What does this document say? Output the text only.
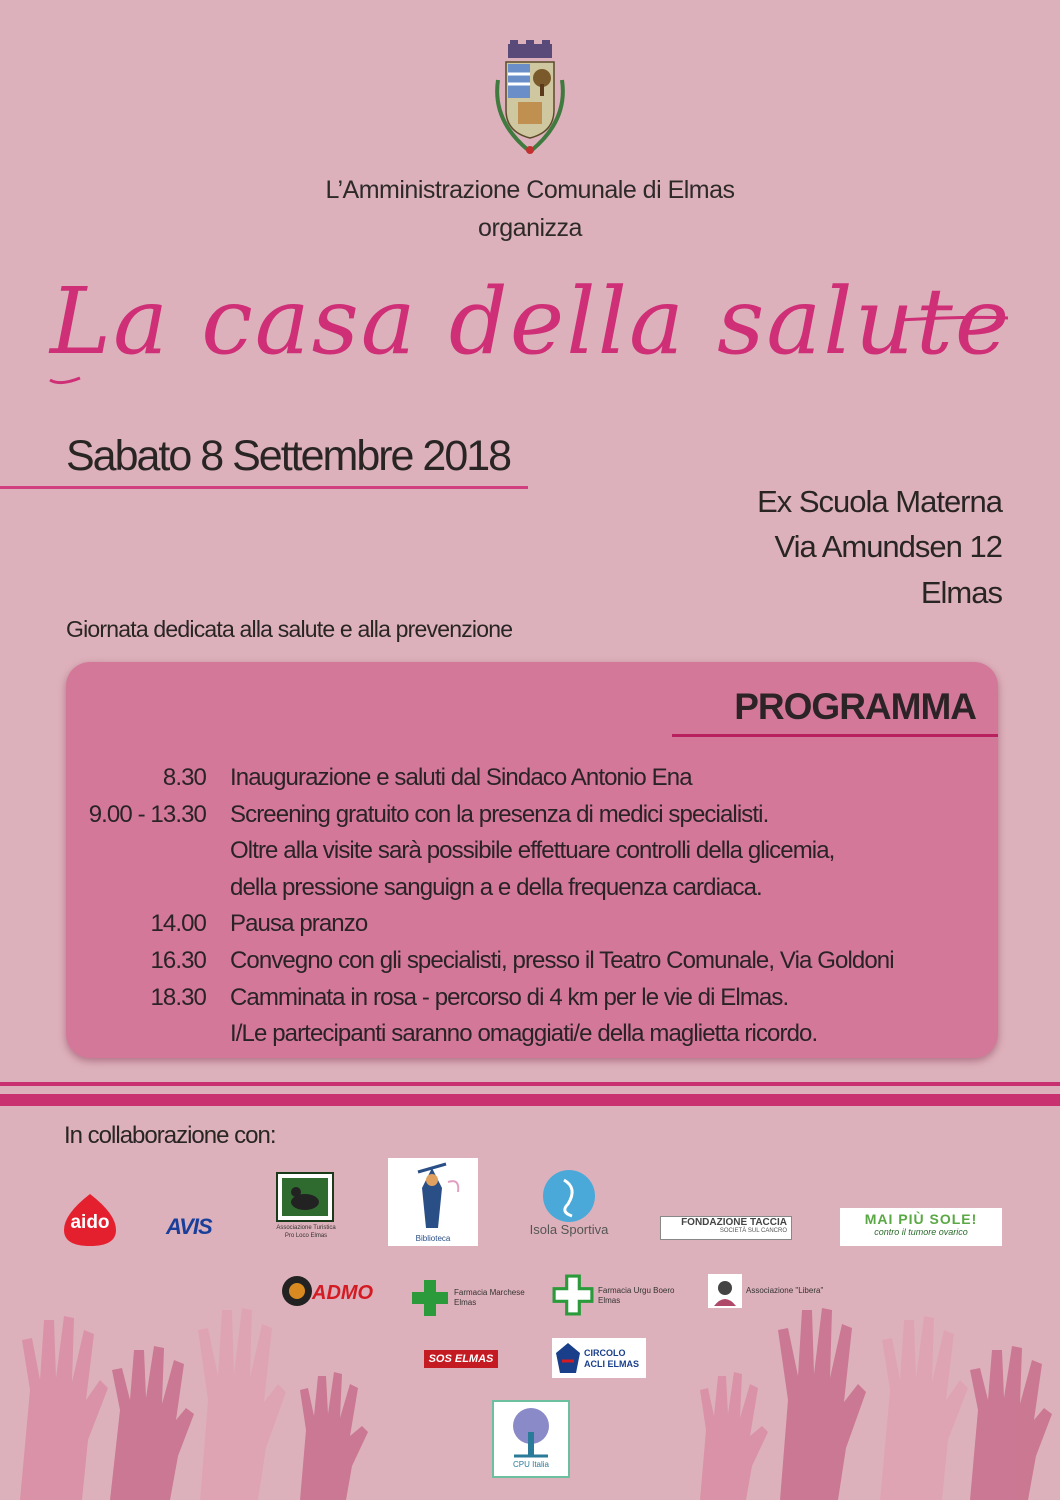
L’Amministrazione Comunale di Elmas
organizza
La casa della salute
Sabato 8 Settembre 2018
Ex Scuola Materna
Via Amundsen 12
Elmas
Giornata dedicata alla salute e alla prevenzione
PROGRAMMA
8.30	Inaugurazione e saluti dal Sindaco Antonio Ena
9.00 - 13.30	Screening gratuito con la presenza di medici specialisti.
Oltre alla visite sarà possibile effettuare controlli della glicemia,
della pressione sanguign a e della frequenza cardiaca.
14.00	Pausa pranzo
16.30	Convegno con gli specialisti, presso il Teatro Comunale, Via Goldoni
18.30	Camminata in rosa - percorso di 4 km per le vie di Elmas.
I/Le partecipanti saranno omaggiati/e della maglietta ricordo.
In collaborazione con:
aido	AVIS	Associazione Turistica Pro Loco Elmas	Biblioteca
Isola Sportiva	FONDAZIONE TACCIA
SOCIETÀ SUL CANCRO
MAI PIÙ SOLE!
contro il tumore ovarico
ADMO	Farmacia Marchese Elmas
Farmacia Urgu Boero Elmas
Associazione "Libera"
SOS ELMAS	CIRCOLO ACLI ELMAS
CPU Italia
